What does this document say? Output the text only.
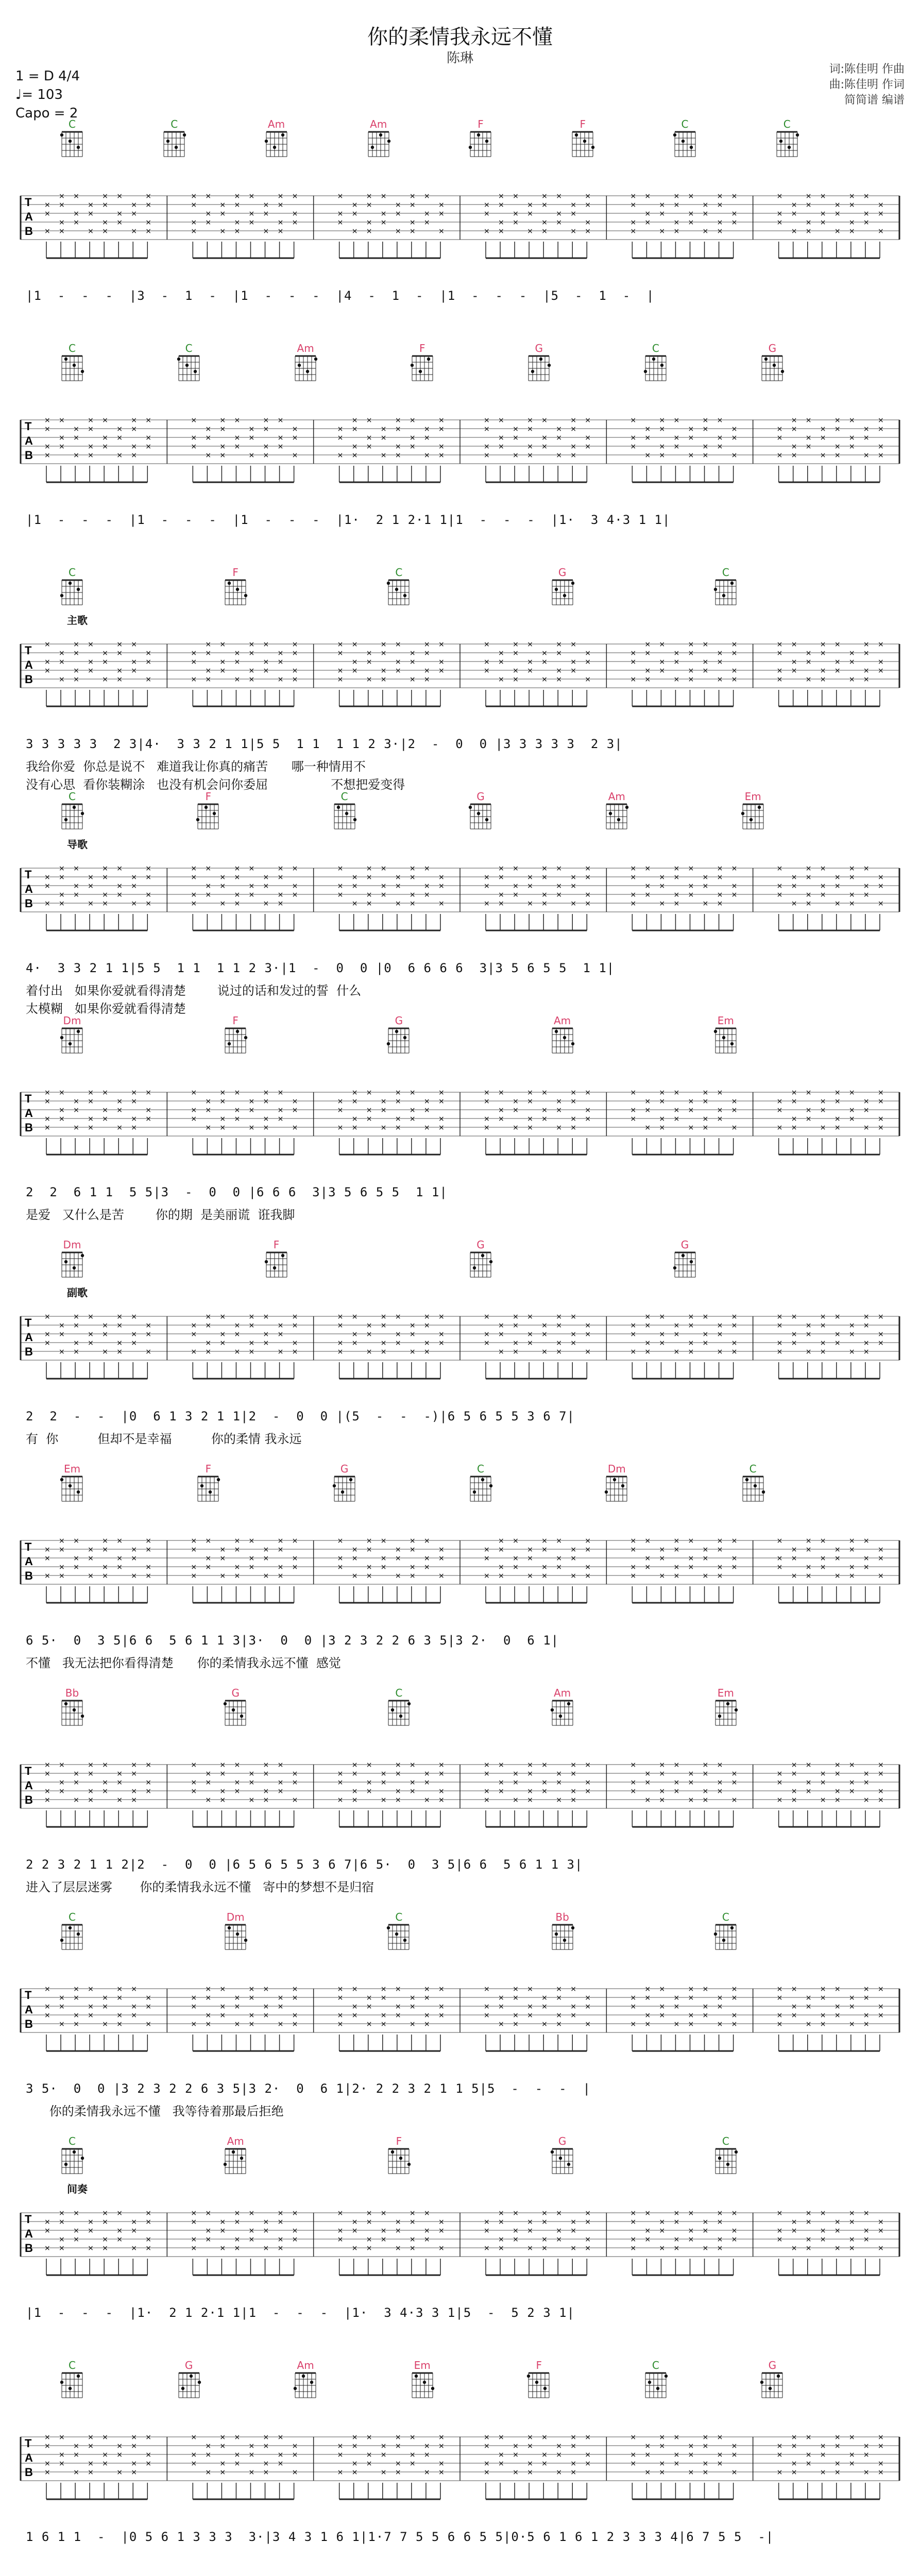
你的柔情我永远不懂
陈琳
1 = D 4/4
♩= 103
Capo = 2
词:陈佳明 作曲
曲:陈佳明 作词
简简谱 编谱
C	C	Am	Am	F	F	C	C
T
A
B
×
×
×
×
×
×
×
×
×
×
×
×
×
×
×
×
×
×
×
×
×
×
×
×
×
×
×
×
×
×
×
×
×
×
×
×
×
×
×
×
×
×
×
×
×
×
×
×
×
×
×
×
×
×
×
×
×
×
×
×
×
×
×
×
×
×
×
×
×
×
×
×
×
×
×
×
×
×
×
×
×
×
×
×
×
×
×
×
×
×
×
×
×
×
×
×
×
×
×
×
×
×
×
×
×
×
×
×
×
×
×
×
×
×
×
×
×
×
×
×
×
×
×
×
×
×
×
×
×
×
×
×
×
×
×
×
×
×
×
×
×
×
×
×
×
×
×
×
×
×
×
×
×
×
×
×
×
×
×
×
|1  -  -  -  |3  -  1  -  |1  -  -  -  |4  -  1  -  |1  -  -  -  |5  -  1  -  |
C	C	Am	F	G	C	G
T
A
B
×
×
×
×
×
×
×
×
×
×
×
×
×
×
×
×
×
×
×
×
×
×
×
×
×
×
×
×
×
×
×
×
×
×
×
×
×
×
×
×
×
×
×
×
×
×
×
×
×
×
×
×
×
×
×
×
×
×
×
×
×
×
×
×
×
×
×
×
×
×
×
×
×
×
×
×
×
×
×
×
×
×
×
×
×
×
×
×
×
×
×
×
×
×
×
×
×
×
×
×
×
×
×
×
×
×
×
×
×
×
×
×
×
×
×
×
×
×
×
×
×
×
×
×
×
×
×
×
×
×
×
×
×
×
×
×
×
×
×
×
×
×
×
×
×
×
×
×
×
×
×
×
×
×
×
×
×
×
×
×
|1  -  -  -  |1  -  -  -  |1  -  -  -  |1·  2 1 2·1 1|1  -  -  -  |1·  3 4·3 1 1|
C	F	C	G	C
主歌
T
A
B
×
×
×
×
×
×
×
×
×
×
×
×
×
×
×
×
×
×
×
×
×
×
×
×
×
×
×
×
×
×
×
×
×
×
×
×
×
×
×
×
×
×
×
×
×
×
×
×
×
×
×
×
×
×
×
×
×
×
×
×
×
×
×
×
×
×
×
×
×
×
×
×
×
×
×
×
×
×
×
×
×
×
×
×
×
×
×
×
×
×
×
×
×
×
×
×
×
×
×
×
×
×
×
×
×
×
×
×
×
×
×
×
×
×
×
×
×
×
×
×
×
×
×
×
×
×
×
×
×
×
×
×
×
×
×
×
×
×
×
×
×
×
×
×
×
×
×
×
×
×
×
×
×
×
×
×
×
×
×
×
3 3 3 3 3  2 3|4·  3 3 2 1 1|5 5  1 1  1 1 2 3·|2  -  0  0 |3 3 3 3 3  2 3|
我给你爱  你总是说不   难道我让你真的痛苦      哪一种情用不
没有心思  看你装糊涂   也没有机会问你委屈                不想把爱变得
C	F	C	G	Am	Em
导歌
T
A
B
×
×
×
×
×
×
×
×
×
×
×
×
×
×
×
×
×
×
×
×
×
×
×
×
×
×
×
×
×
×
×
×
×
×
×
×
×
×
×
×
×
×
×
×
×
×
×
×
×
×
×
×
×
×
×
×
×
×
×
×
×
×
×
×
×
×
×
×
×
×
×
×
×
×
×
×
×
×
×
×
×
×
×
×
×
×
×
×
×
×
×
×
×
×
×
×
×
×
×
×
×
×
×
×
×
×
×
×
×
×
×
×
×
×
×
×
×
×
×
×
×
×
×
×
×
×
×
×
×
×
×
×
×
×
×
×
×
×
×
×
×
×
×
×
×
×
×
×
×
×
×
×
×
×
×
×
×
×
×
×
4·  3 3 2 1 1|5 5  1 1  1 1 2 3·|1  -  0  0 |0  6 6 6 6  3|3 5 6 5 5  1 1|
着付出   如果你爱就看得清楚        说过的话和发过的誓  什么
太模糊   如果你爱就看得清楚
Dm	F	G	Am	Em
T
A
B
×
×
×
×
×
×
×
×
×
×
×
×
×
×
×
×
×
×
×
×
×
×
×
×
×
×
×
×
×
×
×
×
×
×
×
×
×
×
×
×
×
×
×
×
×
×
×
×
×
×
×
×
×
×
×
×
×
×
×
×
×
×
×
×
×
×
×
×
×
×
×
×
×
×
×
×
×
×
×
×
×
×
×
×
×
×
×
×
×
×
×
×
×
×
×
×
×
×
×
×
×
×
×
×
×
×
×
×
×
×
×
×
×
×
×
×
×
×
×
×
×
×
×
×
×
×
×
×
×
×
×
×
×
×
×
×
×
×
×
×
×
×
×
×
×
×
×
×
×
×
×
×
×
×
×
×
×
×
×
×
2  2  6 1 1  5 5|3  -  0  0 |6 6 6  3|3 5 6 5 5  1 1|
是爱   又什么是苦        你的期  是美丽谎  诳我脚
Dm	F	G	G
副歌
T
A
B
×
×
×
×
×
×
×
×
×
×
×
×
×
×
×
×
×
×
×
×
×
×
×
×
×
×
×
×
×
×
×
×
×
×
×
×
×
×
×
×
×
×
×
×
×
×
×
×
×
×
×
×
×
×
×
×
×
×
×
×
×
×
×
×
×
×
×
×
×
×
×
×
×
×
×
×
×
×
×
×
×
×
×
×
×
×
×
×
×
×
×
×
×
×
×
×
×
×
×
×
×
×
×
×
×
×
×
×
×
×
×
×
×
×
×
×
×
×
×
×
×
×
×
×
×
×
×
×
×
×
×
×
×
×
×
×
×
×
×
×
×
×
×
×
×
×
×
×
×
×
×
×
×
×
×
×
×
×
×
×
2  2  -  -  |0  6 1 3 2 1 1|2  -  0  0 |(5  -  -  -)|6 5 6 5 5 3 6 7|
有  你          但却不是幸福          你的柔情 我永远
Em	F	G	C	Dm	C
T
A
B
×
×
×
×
×
×
×
×
×
×
×
×
×
×
×
×
×
×
×
×
×
×
×
×
×
×
×
×
×
×
×
×
×
×
×
×
×
×
×
×
×
×
×
×
×
×
×
×
×
×
×
×
×
×
×
×
×
×
×
×
×
×
×
×
×
×
×
×
×
×
×
×
×
×
×
×
×
×
×
×
×
×
×
×
×
×
×
×
×
×
×
×
×
×
×
×
×
×
×
×
×
×
×
×
×
×
×
×
×
×
×
×
×
×
×
×
×
×
×
×
×
×
×
×
×
×
×
×
×
×
×
×
×
×
×
×
×
×
×
×
×
×
×
×
×
×
×
×
×
×
×
×
×
×
×
×
×
×
×
×
6 5·  0  3 5|6 6  5 6 1 1 3|3·  0  0 |3 2 3 2 2 6 3 5|3 2·  0  6 1|
不懂   我无法把你看得清楚      你的柔情我永远不懂  感觉
Bb	G	C	Am	Em
T
A
B
×
×
×
×
×
×
×
×
×
×
×
×
×
×
×
×
×
×
×
×
×
×
×
×
×
×
×
×
×
×
×
×
×
×
×
×
×
×
×
×
×
×
×
×
×
×
×
×
×
×
×
×
×
×
×
×
×
×
×
×
×
×
×
×
×
×
×
×
×
×
×
×
×
×
×
×
×
×
×
×
×
×
×
×
×
×
×
×
×
×
×
×
×
×
×
×
×
×
×
×
×
×
×
×
×
×
×
×
×
×
×
×
×
×
×
×
×
×
×
×
×
×
×
×
×
×
×
×
×
×
×
×
×
×
×
×
×
×
×
×
×
×
×
×
×
×
×
×
×
×
×
×
×
×
×
×
×
×
×
×
2 2 3 2 1 1 2|2  -  0  0 |6 5 6 5 5 3 6 7|6 5·  0  3 5|6 6  5 6 1 1 3|
进入了层层迷雾       你的柔情我永远不懂   寄中的梦想不是归宿
C	Dm	C	Bb	C
T
A
B
×
×
×
×
×
×
×
×
×
×
×
×
×
×
×
×
×
×
×
×
×
×
×
×
×
×
×
×
×
×
×
×
×
×
×
×
×
×
×
×
×
×
×
×
×
×
×
×
×
×
×
×
×
×
×
×
×
×
×
×
×
×
×
×
×
×
×
×
×
×
×
×
×
×
×
×
×
×
×
×
×
×
×
×
×
×
×
×
×
×
×
×
×
×
×
×
×
×
×
×
×
×
×
×
×
×
×
×
×
×
×
×
×
×
×
×
×
×
×
×
×
×
×
×
×
×
×
×
×
×
×
×
×
×
×
×
×
×
×
×
×
×
×
×
×
×
×
×
×
×
×
×
×
×
×
×
×
×
×
×
3 5·  0  0 |3 2 3 2 2 6 3 5|3 2·  0  6 1|2· 2 2 3 2 1 1 5|5  -  -  -  |
你的柔情我永远不懂   我等待着那最后拒绝
C	Am	F	G	C
间奏
T
A
B
×
×
×
×
×
×
×
×
×
×
×
×
×
×
×
×
×
×
×
×
×
×
×
×
×
×
×
×
×
×
×
×
×
×
×
×
×
×
×
×
×
×
×
×
×
×
×
×
×
×
×
×
×
×
×
×
×
×
×
×
×
×
×
×
×
×
×
×
×
×
×
×
×
×
×
×
×
×
×
×
×
×
×
×
×
×
×
×
×
×
×
×
×
×
×
×
×
×
×
×
×
×
×
×
×
×
×
×
×
×
×
×
×
×
×
×
×
×
×
×
×
×
×
×
×
×
×
×
×
×
×
×
×
×
×
×
×
×
×
×
×
×
×
×
×
×
×
×
×
×
×
×
×
×
×
×
×
×
×
×
|1  -  -  -  |1·  2 1 2·1 1|1  -  -  -  |1·  3 4·3 3 1|5  -  5 2 3 1|
C	G	Am	Em	F	C	G
T
A
B
×
×
×
×
×
×
×
×
×
×
×
×
×
×
×
×
×
×
×
×
×
×
×
×
×
×
×
×
×
×
×
×
×
×
×
×
×
×
×
×
×
×
×
×
×
×
×
×
×
×
×
×
×
×
×
×
×
×
×
×
×
×
×
×
×
×
×
×
×
×
×
×
×
×
×
×
×
×
×
×
×
×
×
×
×
×
×
×
×
×
×
×
×
×
×
×
×
×
×
×
×
×
×
×
×
×
×
×
×
×
×
×
×
×
×
×
×
×
×
×
×
×
×
×
×
×
×
×
×
×
×
×
×
×
×
×
×
×
×
×
×
×
×
×
×
×
×
×
×
×
×
×
×
×
×
×
×
×
×
×
1 6 1 1  -  |0 5 6 1 3 3 3  3·|3 4 3 1 6 1|1·7 7 5 5 6 6 5 5|0·5 6 1 6 1 2 3 3 3 4|6 7 5 5  -|
